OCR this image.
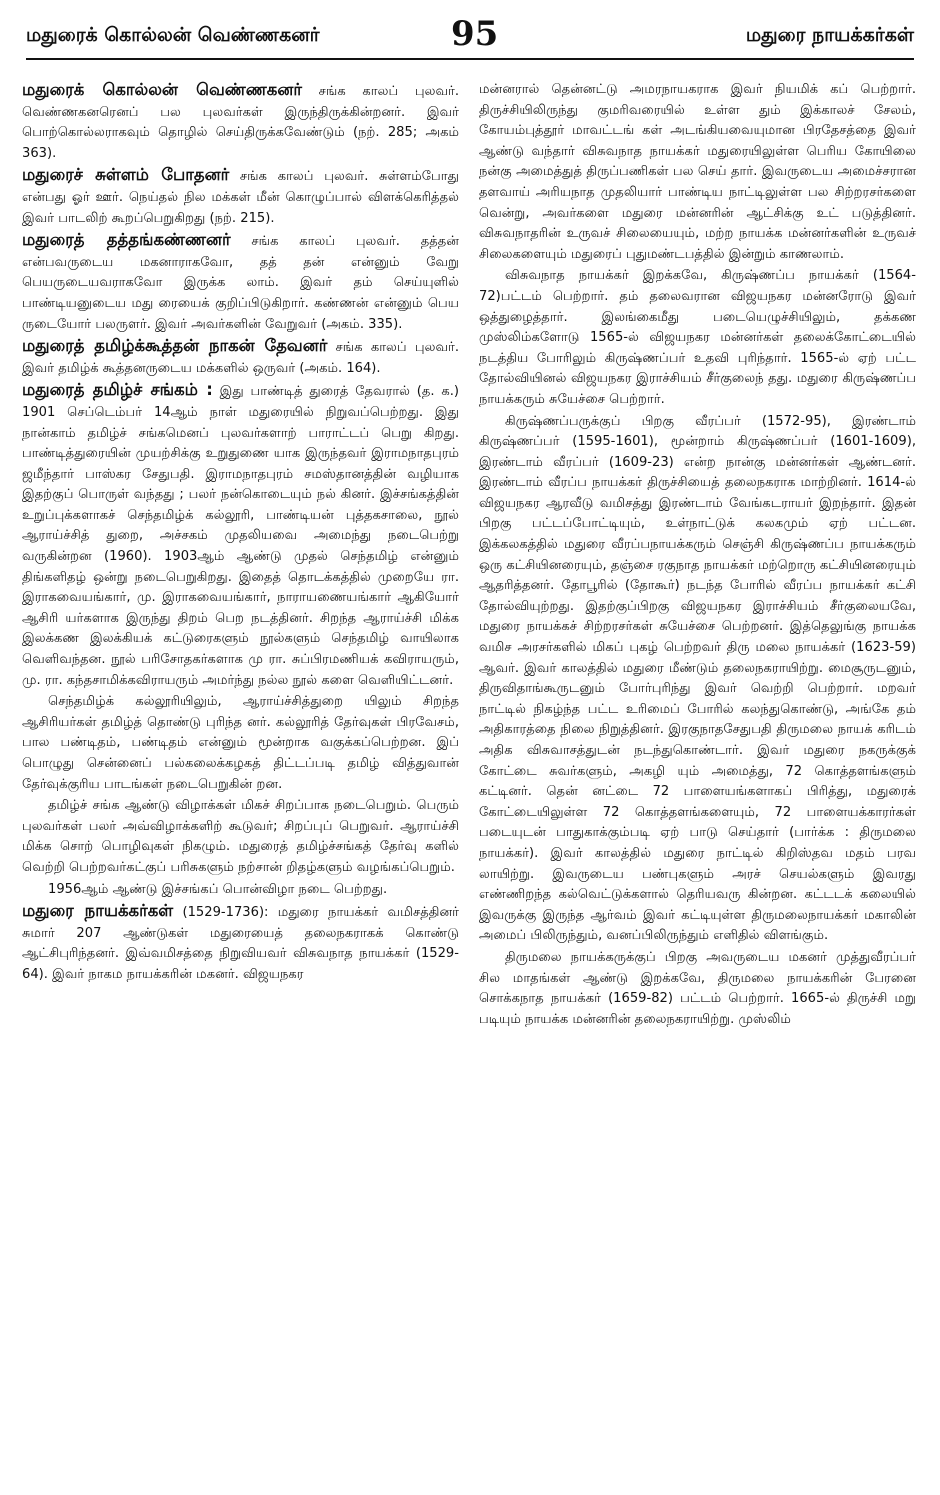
மதுரைக் கொல்லன் வெண்ணகனர்	95	மதுரை நாயக்கர்கள்

மதுரைக் கொல்லன் வெண்ணகனர் சங்க காலப் புலவர். வெண்ணகனரெனப் பல புலவர்கள் இருந்திருக்கின்றனர். இவர் பொற்கொல்லராகவும் தொழில் செய்திருக்கவேண்டும் (நற். 285; அகம் 363).

மதுரைச் சுள்ளம் போதனர் சங்க காலப் புலவர். சுள்ளம்போது என்பது ஓர் ஊர். நெய்தல் நில மக்கள் மீன் கொழுப்பால் விளக்கெரித்தல் இவர் பாடலிற் கூறப்பெறுகிறது (நற். 215).

மதுரைத் தத்தங்கண்ணனர் சங்க காலப் புலவர். தத்தன் என்பவருடைய மகனாராகவோ, தத் தன் என்னும் வேறு பெயருடையவராகவோ இருக்க லாம். இவர் தம் செய்யுளில் பாண்டியனுடைய மது ரையைக் குறிப்பிடுகிறார். கண்ணன் என்னும் பெய ருடையோர் பலருளர். இவர் அவர்களின் வேறுவர் (அகம். 335).

மதுரைத் தமிழ்க்கூத்தன் நாகன் தேவனர் சங்க காலப் புலவர். இவர் தமிழ்க் கூத்தனருடைய மக்களில் ஒருவர் (அகம். 164).

மதுரைத் தமிழ்ச் சங்கம் : இது பாண்டித் துரைத் தேவரால் (த. க.) 1901 செப்டெம்பர் 14ஆம் நாள் மதுரையில் நிறுவப்பெற்றது. இது நான்காம் தமிழ்ச் சங்கமெனப் புலவர்களாற் பாராட்டப் பெறு கிறது. பாண்டித்துரையின் முயற்சிக்கு உறுதுணை யாக இருந்தவர் இராமநாதபுரம் ஜமீந்தார் பாஸ்கர சேதுபதி. இராமநாதபுரம் சமஸ்தானத்தின் வழியாக இதற்குப் பொருள் வந்தது ; பலர் நன்கொடையும் நல் கினர். இச்சங்கத்தின் உறுப்புக்களாகச் செந்தமிழ்க் கல்லூரி, பாண்டியன் புத்தகசாலை, நூல் ஆராய்ச்சித் துறை, அச்சகம் முதலியவை அமைந்து நடைபெற்று வருகின்றன (1960). 1903ஆம் ஆண்டு முதல் செந்தமிழ் என்னும் திங்களிதழ் ஒன்று நடைபெறுகிறது. இதைத் தொடக்கத்தில் முறையே ரா. இராகவையங்கார், மு. இராகவையங்கார், நாராயணையங்கார் ஆகியோர் ஆசிரி யர்களாக இருந்து திறம் பெற நடத்தினர். சிறந்த ஆராய்ச்சி மிக்க இலக்கண இலக்கியக் கட்டுரைகளும் நூல்களும் செந்தமிழ் வாயிலாக வெளிவந்தன. நூல் பரிசோதகர்களாக மு ரா. சுப்பிரமணியக் கவிராயரும், மு. ரா. கந்தசாமிக்கவிராயரும் அமர்ந்து நல்ல நூல் களை வெளியிட்டனர்.

செந்தமிழ்க் கல்லூரியிலும், ஆராய்ச்சித்துறை யிலும் சிறந்த ஆசிரியர்கள் தமிழ்த் தொண்டு புரிந்த னர். கல்லூரித் தேர்வுகள் பிரவேசம், பால பண்டிதம், பண்டிதம் என்னும் மூன்றாக வகுக்கப்பெற்றன. இப் பொழுது சென்னைப் பல்கலைக்கழகத் திட்டப்படி தமிழ் வித்துவான் தேர்வுக்குரிய பாடங்கள் நடைபெறுகின் றன.

தமிழ்ச் சங்க ஆண்டு விழாக்கள் மிகச் சிறப்பாக நடைபெறும். பெரும் புலவர்கள் பலர் அவ்விழாக்களிற் கூடுவர்; சிறப்புப் பெறுவர். ஆராய்ச்சி மிக்க சொற் பொழிவுகள் நிகழும். மதுரைத் தமிழ்ச்சங்கத் தேர்வு களில் வெற்றி பெற்றவர்கட்குப் பரிசுகளும் நற்சான் றிதழ்களும் வழங்கப்பெறும்.

1956ஆம் ஆண்டு இச்சங்கப் பொன்விழா நடை பெற்றது.

மதுரை நாயக்கர்கள் (1529-1736): மதுரை நாயக்கர் வமிசத்தினர் சுமார் 207 ஆண்டுகள் மதுரையைத் தலைநகராகக் கொண்டு ஆட்சிபுரிந்தனர். இவ்வமிசத்தை நிறுவியவர் விசுவநாத நாயக்கர் (1529-64). இவர் நாகம நாயக்கரின் மகனர். விஜயநகர

மன்னரால் தென்னட்டு அமரநாயகராக இவர் நியமிக் கப் பெற்றார். திருச்சியிலிருந்து குமரிவரையில் உள்ள தும் இக்காலச் சேலம், கோயம்புத்தூர் மாவட்டங் கள் அடங்கியவையுமான பிரதேசத்தை இவர் ஆண்டு வந்தார் விசுவநாத நாயக்கர் மதுரையிலுள்ள பெரிய கோயிலை நன்கு அமைத்துத் திருப்பணிகள் பல செய் தார். இவருடைய அமைச்சரான தளவாய் அரியநாத முதலியார் பாண்டிய நாட்டிலுள்ள பல சிற்றரசர்களை வென்று, அவர்களை மதுரை மன்னரின் ஆட்சிக்கு உட் படுத்தினர். விசுவநாதரின் உருவச் சிலையையும், மற்ற நாயக்க மன்னர்களின் உருவச் சிலைகளையும் மதுரைப் புதுமண்டபத்தில் இன்றும் காணலாம்.

விசுவநாத நாயக்கர் இறக்கவே, கிருஷ்ணப்ப நாயக்கர் (1564-72)பட்டம் பெற்றார். தம் தலைவரான விஜயநகர மன்னரோடு இவர் ஒத்துழைத்தார். இலங்கைமீது படையெழுச்சியிலும், தக்கண முஸ்லிம்களோடு 1565-ல் விஜயநகர மன்னர்கள் தலைக்கோட்டையில் நடத்திய போரிலும் கிருஷ்ணப்பர் உதவி புரிந்தார். 1565-ல் ஏற் பட்ட தோல்வியினல் விஜயநகர இராச்சியம் சீர்குலைந் தது. மதுரை கிருஷ்ணப்ப நாயக்கரும் சுயேச்சை பெற்றார்.

கிருஷ்ணப்பருக்குப் பிறகு வீரப்பர் (1572-95), இரண்டாம் கிருஷ்ணப்பர் (1595-1601), மூன்றாம் கிருஷ்ணப்பர் (1601-1609), இரண்டாம் வீரப்பர் (1609-23) என்ற நான்கு மன்னர்கள் ஆண்டனர். இரண்டாம் வீரப்ப நாயக்கர் திருச்சியைத் தலைநகராக மாற்றினர். 1614-ல் விஜயநகர ஆரவீடு வமிசத்து இரண்டாம் வேங்கடராயர் இறந்தார். இதன் பிறகு பட்டப்போட்டியும், உள்நாட்டுக் கலகமும் ஏற் பட்டன. இக்கலகத்தில் மதுரை வீரப்பநாயக்கரும் செஞ்சி கிருஷ்ணப்ப நாயக்கரும் ஒரு கட்சியினரையும், தஞ்சை ரகுநாத நாயக்கர் மற்றொரு கட்சியினரையும் ஆதரித்தனர். தோபூரில் (தோகூர்) நடந்த போரில் வீரப்ப நாயக்கர் கட்சி தோல்வியுற்றது. இதற்குப்பிறகு விஜயநகர இராச்சியம் சீர்குலையவே, மதுரை நாயக்கச் சிற்றரசர்கள் சுயேச்சை பெற்றனர். இத்தெலுங்கு நாயக்க வமிச அரசர்களில் மிகப் புகழ் பெற்றவர் திரு மலை நாயக்கர் (1623-59) ஆவர். இவர் காலத்தில் மதுரை மீண்டும் தலைநகராயிற்று. மைசூருடனும், திருவிதாங்கூருடனும் போர்புரிந்து இவர் வெற்றி பெற்றார். மறவர் நாட்டில் நிகழ்ந்த பட்ட உரிமைப் போரில் கலந்துகொண்டு, அங்கே தம் அதிகாரத்தை நிலை நிறுத்தினர். இரகுநாதசேதுபதி திருமலை நாயக் கரிடம் அதிக விசுவாசத்துடன் நடந்துகொண்டார். இவர் மதுரை நகருக்குக் கோட்டை சுவர்களும், அகழி யும் அமைத்து, 72 கொத்தளங்களும் கட்டினர். தென் னட்டை 72 பாளையங்களாகப் பிரித்து, மதுரைக் கோட்டையிலுள்ள 72 கொத்தளங்களையும், 72 பாளையக்காரர்கள் படையுடன் பாதுகாக்கும்படி ஏற் பாடு செய்தார் (பார்க்க : திருமலை நாயக்கர்). இவர் காலத்தில் மதுரை நாட்டில் கிறிஸ்தவ மதம் பரவ லாயிற்று. இவருடைய பண்புகளும் அரச் செயல்களும் இவரது எண்ணிறந்த கல்வெட்டுக்களால் தெரியவரு கின்றன. கட்டடக் கலையில் இவருக்கு இருந்த ஆர்வம் இவர் கட்டியுள்ள திருமலைநாயக்கர் மகாலின் அமைப் பிலிருந்தும், வனப்பிலிருந்தும் எளிதில் விளங்கும்.

திருமலை நாயக்கருக்குப் பிறகு அவருடைய மகனர் முத்துவீரப்பர் சில மாதங்கள் ஆண்டு இறக்கவே, திருமலை நாயக்கரின் பேரனை சொக்கநாத நாயக்கர் (1659-82) பட்டம் பெற்றார். 1665-ல் திருச்சி மறு படியும் நாயக்க மன்னரின் தலைநகராயிற்று. முஸ்லிம்
